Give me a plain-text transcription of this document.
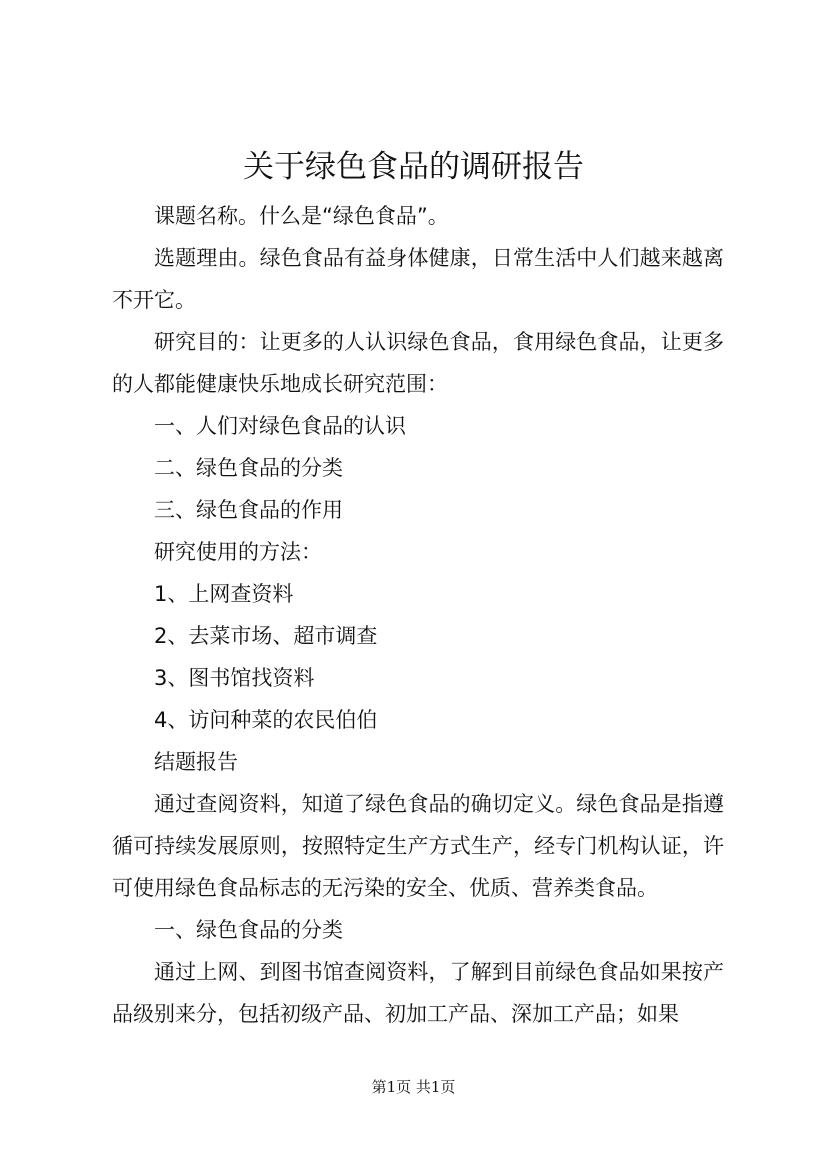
关于绿色食品的调研报告

课题名称。什么是“绿色食品”。

选题理由。绿色食品有益身体健康，日常生活中人们越来越离不开它。

研究目的：让更多的人认识绿色食品，食用绿色食品，让更多的人都能健康快乐地成长研究范围：

一、人们对绿色食品的认识

二、绿色食品的分类

三、绿色食品的作用

研究使用的方法：

1、上网查资料

2、去菜市场、超市调查

3、图书馆找资料

4、访问种菜的农民伯伯

结题报告

通过查阅资料，知道了绿色食品的确切定义。绿色食品是指遵循可持续发展原则，按照特定生产方式生产，经专门机构认证，许可使用绿色食品标志的无污染的安全、优质、营养类食品。

一、绿色食品的分类

通过上网、到图书馆查阅资料，了解到目前绿色食品如果按产品级别来分，包括初级产品、初加工产品、深加工产品；如果

第1页 共1页
